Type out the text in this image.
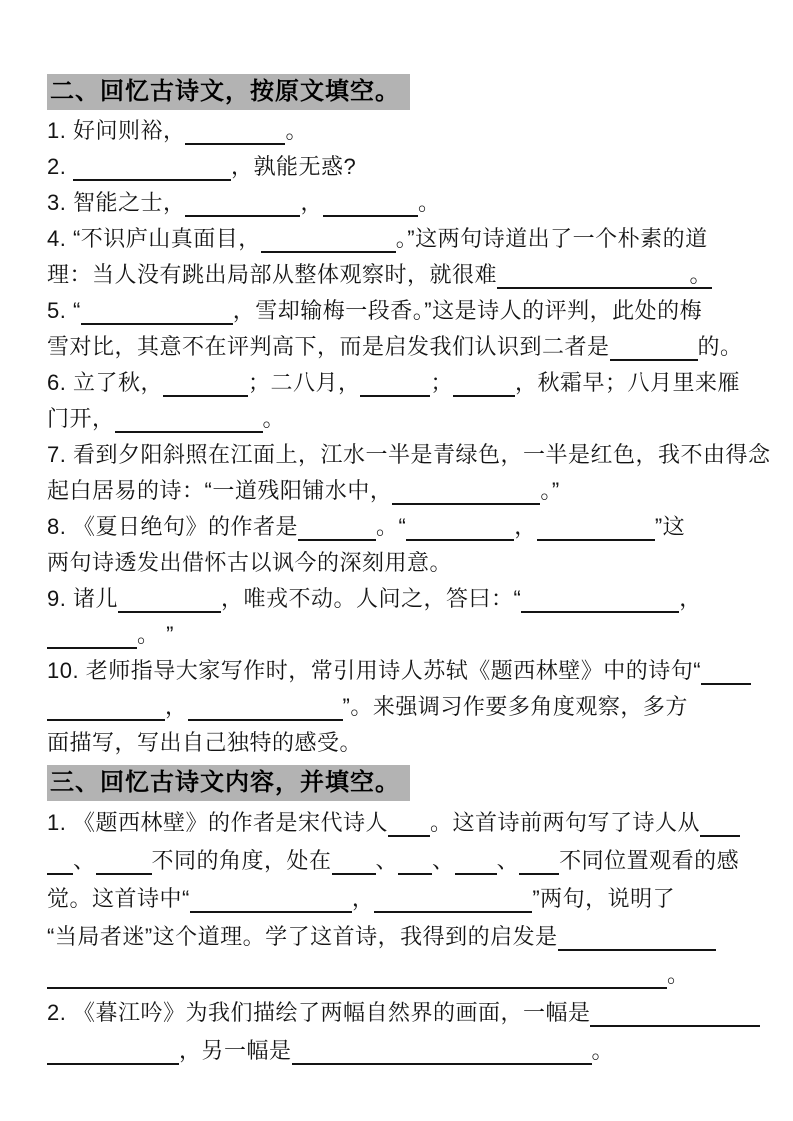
二、回忆古诗文，按原文填空。
1. 好问则裕， ​	。
2. ​	，孰能无惑?
3. 智能之士， ​	， ​	。
4. “不识庐山真面目， ​	。”这两句诗道出了一个朴素的道
理：当人没有跳出局部从整体观察时，就很难	​ 。
5. “ ​	，雪却输梅一段香。”这是诗人的评判，此处的梅
雪对比，其意不在评判高下，而是启发我们认识到二者是 ​	的。
6. 立了秋， ​	；二八月， ​	； ​	，秋霜早；八月里来雁
门开， ​	。
7. 看到夕阳斜照在江面上，江水一半是青绿色，一半是红色，我不由得念
起白居易的诗：“一道残阳铺水中， ​	。”
8. 《夏日绝句》的作者是 ​	。“ ​	， ​	”这
两句诗透发出借怀古以讽今的深刻用意。
9. 诸儿 ​	，唯戎不动。人问之，答曰：“ ​	，
​。 ”
10. 老师指导大家写作时，常引用诗人苏轼《题西林壁》中的诗句“​
​， ​	”。来强调习作要多角度观察，多方
面描写，写出自己独特的感受。
三、回忆古诗文内容，并填空。
1. 《题西林壁》的作者是宋代诗人 ​ 。这首诗前两句写了诗人从​
​、 ​	不同的角度，处在 ​ 、 ​ 、 ​ 、 ​ 不同位置观看的感
觉。这首诗中“ ​	， ​	”两句，说明了
“当局者迷”这个道理。学了这首诗，我得到的启发是​
​。
2. 《暮江吟》为我们描绘了两幅自然界的画面，一幅是​
​，另一幅是 ​	。
